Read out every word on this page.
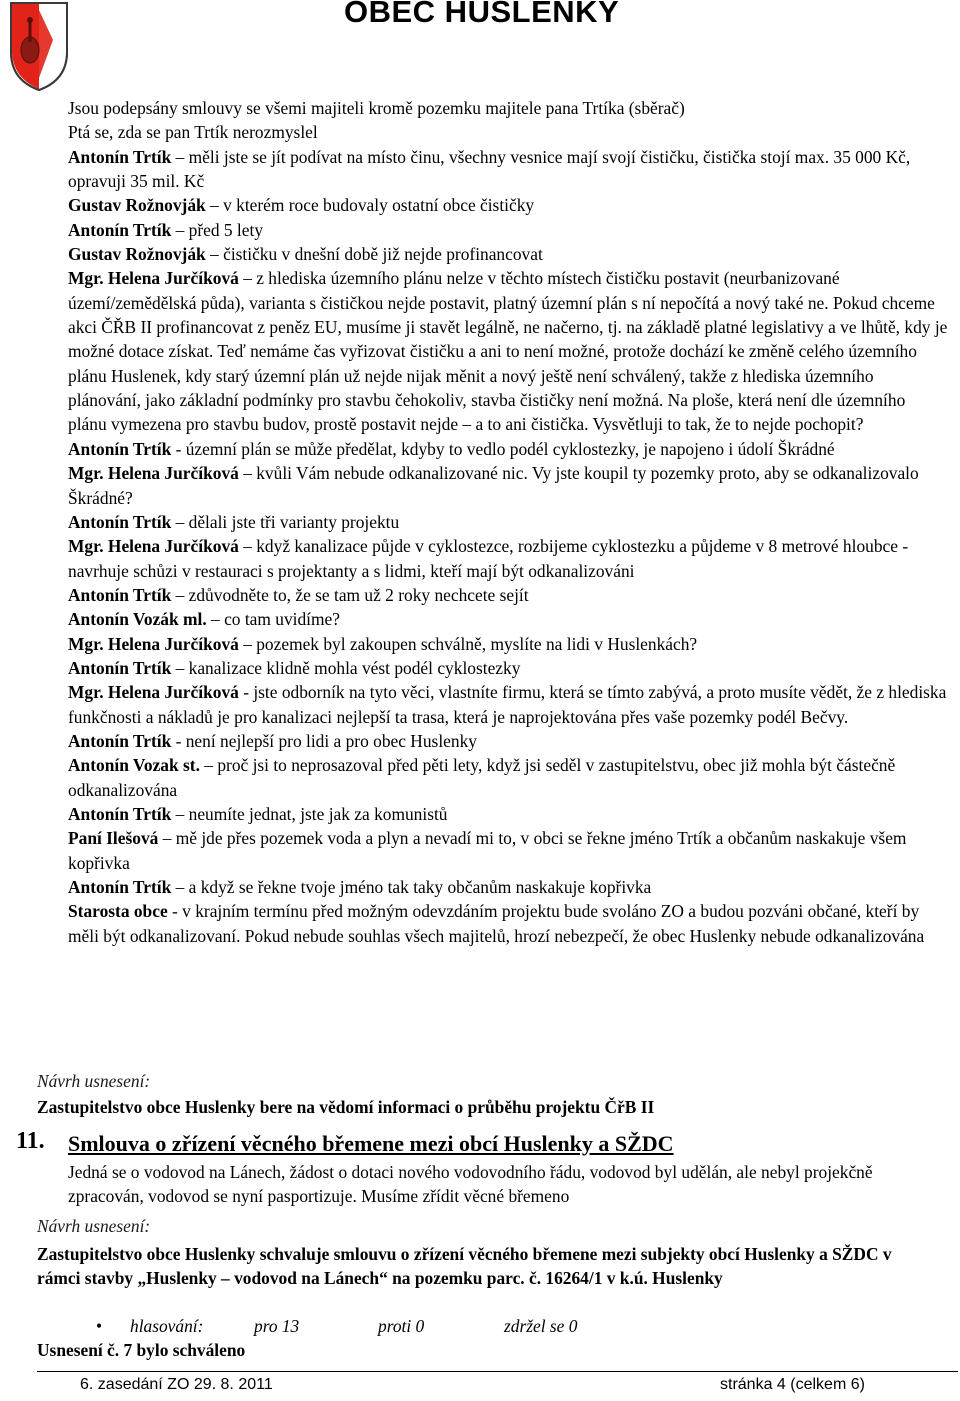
OBEC HUSLENKY

Jsou podepsány smlouvy se všemi majiteli kromě pozemku majitele pana Trtíka (sběrač)

Ptá se, zda se pan Trtík nerozmyslel

Antonín Trtík – měli jste se jít podívat na místo činu, všechny vesnice mají svojí čističku, čistička stojí max. 35 000 Kč, opravuji 35 mil. Kč

Gustav Rožnovják – v kterém roce budovaly ostatní obce čističky

Antonín Trtík – před 5 lety

Gustav Rožnovják – čističku v dnešní době již nejde profinancovat

Mgr. Helena Jurčíková – z hlediska územního plánu nelze v těchto místech čističku postavit (neurbanizované území/zemědělská půda), varianta s čističkou nejde postavit, platný územní plán s ní nepočítá a nový také ne. Pokud chceme akci ČŘB II profinancovat z peněz EU, musíme ji stavět legálně, ne načerno, tj. na základě platné legislativy a ve lhůtě, kdy je možné dotace získat. Teď nemáme čas vyřizovat čističku a ani to není možné, protože dochází ke změně celého územního plánu Huslenek, kdy starý územní plán už nejde nijak měnit a nový ještě není schválený, takže z hlediska územního plánování, jako základní podmínky pro stavbu čehokoliv, stavba čističky není možná. Na ploše, která není dle územního plánu vymezena pro stavbu budov, prostě postavit nejde – a to ani čistička. Vysvětluji to tak, že to nejde pochopit?

Antonín Trtík - územní plán se může předělat, kdyby to vedlo podél cyklostezky, je napojeno i údolí Škrádné

Mgr. Helena Jurčíková – kvůli Vám nebude odkanalizované nic. Vy jste koupil ty pozemky proto, aby se odkanalizovalo Škrádné?

Antonín Trtík – dělali jste tři varianty projektu

Mgr. Helena Jurčíková – když kanalizace půjde v cyklostezce, rozbijeme cyklostezku a půjdeme v 8 metrové hloubce - navrhuje schůzi v restauraci s projektanty a s lidmi, kteří mají být odkanalizováni

Antonín Trtík – zdůvodněte to, že se tam už 2 roky nechcete sejít

Antonín Vozák ml. – co tam uvidíme?

Mgr. Helena Jurčíková – pozemek byl zakoupen schválně, myslíte na lidi v Huslenkách?

Antonín Trtík – kanalizace klidně mohla vést podél cyklostezky

Mgr. Helena Jurčíková - jste odborník na tyto věci, vlastníte firmu, která se tímto zabývá, a proto musíte vědět, že z hlediska funkčnosti a nákladů je pro kanalizaci nejlepší ta trasa, která je naprojektována přes vaše pozemky podél Bečvy.

Antonín Trtík - není nejlepší pro lidi a pro obec Huslenky

Antonín Vozak st. – proč jsi to neprosazoval před pěti lety, když jsi seděl v zastupitelstvu, obec již mohla být částečně odkanalizována

Antonín Trtík – neumíte jednat, jste jak za komunistů

Paní Ilešová – mě jde přes pozemek voda a plyn a nevadí mi to, v obci se řekne jméno Trtík a občanům naskakuje všem kopřivka

Antonín Trtík – a když se řekne tvoje jméno tak taky občanům naskakuje kopřivka

Starosta obce - v krajním termínu před možným odevzdáním projektu bude svoláno ZO a budou pozváni občané, kteří by měli být odkanalizovaní. Pokud nebude souhlas všech majitelů, hrozí nebezpečí, že obec Huslenky nebude odkanalizována

Návrh usnesení:
Zastupitelstvo obce Huslenky bere na vědomí informaci o průběhu projektu ČřB II
11. Smlouva o zřízení věcného břemene mezi obcí Huslenky a SŽDC
Jedná se o vodovod na Lánech, žádost o dotaci nového vodovodního řádu, vodovod byl udělán, ale nebyl projekčně zpracován, vodovod se nyní pasportizuje. Musíme zřídit věcné břemeno
Návrh usnesení:
Zastupitelstvo obce Huslenky schvaluje smlouvu o zřízení věcného břemene mezi subjekty obcí Huslenky a SŽDC v rámci stavby „Huslenky – vodovod na Lánech“ na pozemku parc. č. 16264/1 v k.ú. Huslenky
• hlasování:	pro 13	proti 0	zdržel se 0
Usnesení č. 7 bylo schváleno
6. zasedání ZO 29. 8. 2011	stránka 4 (celkem 6)
